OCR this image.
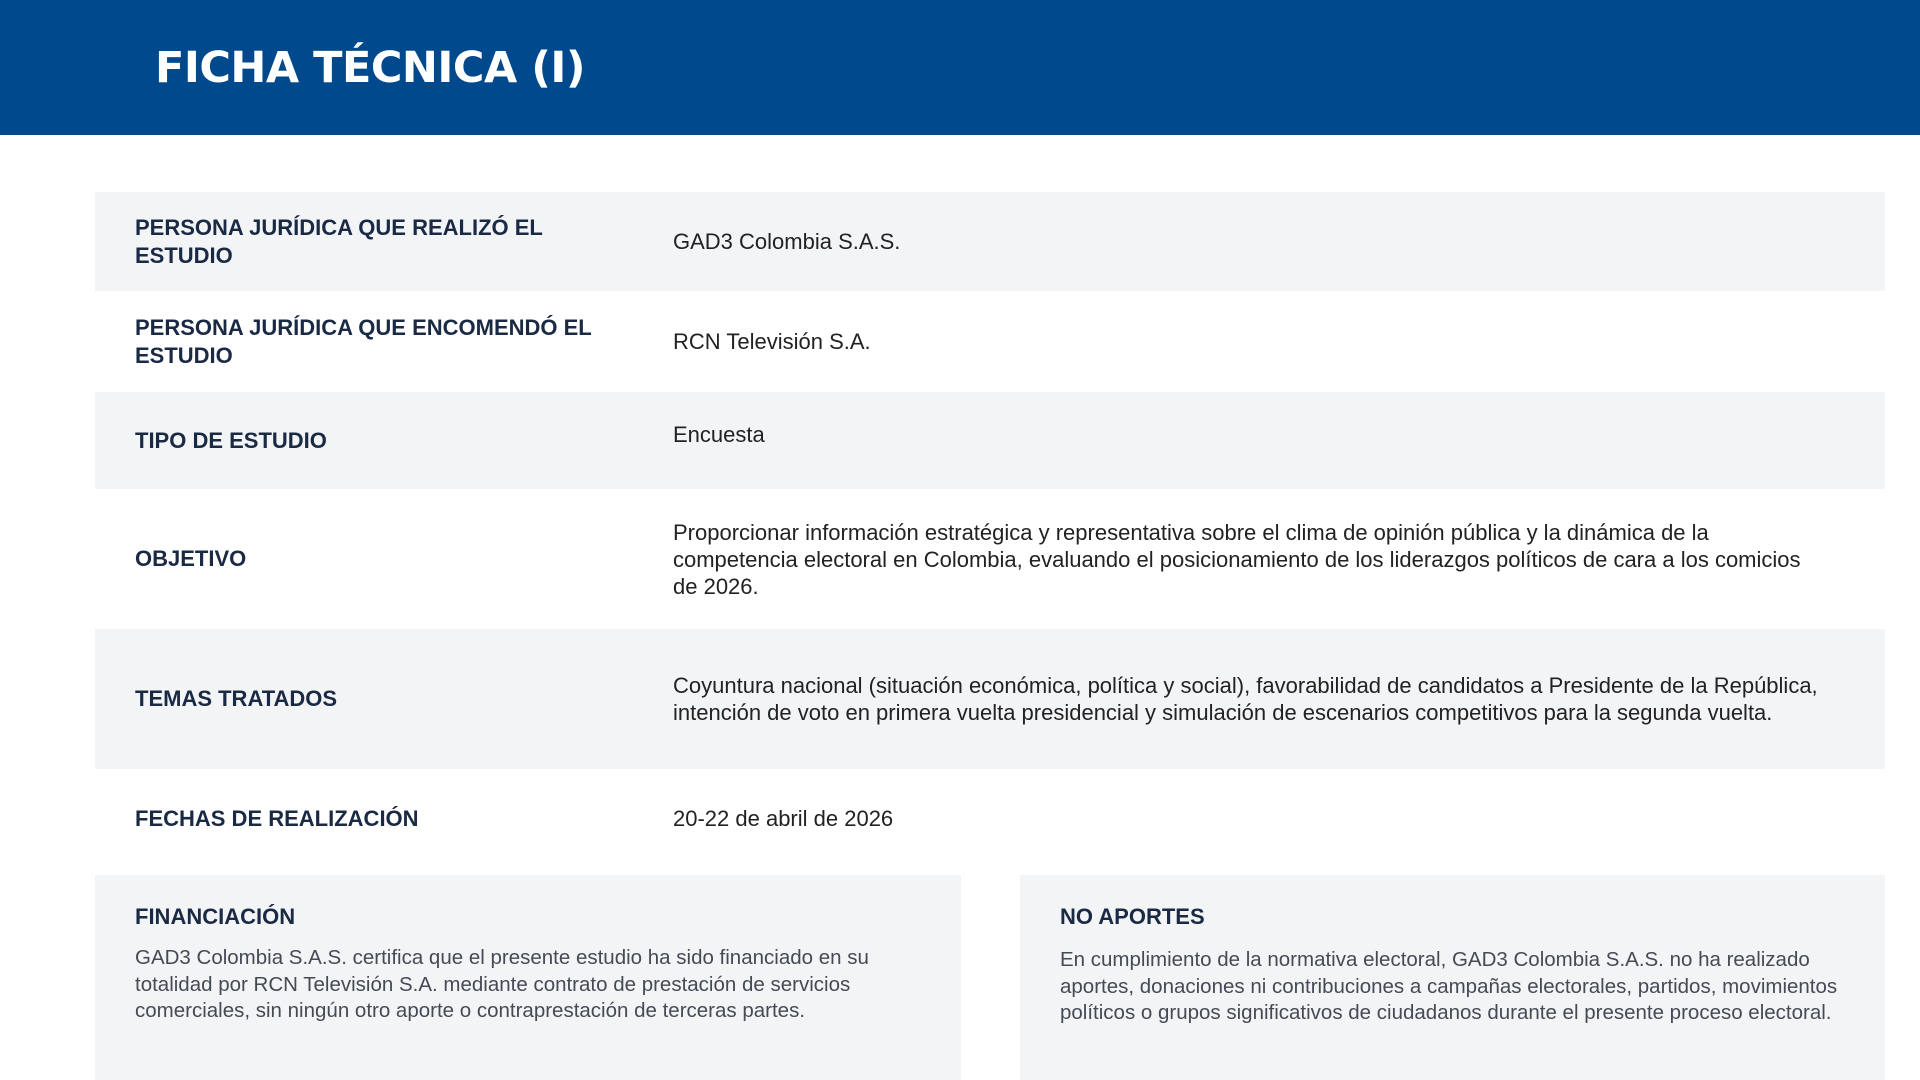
FICHA TÉCNICA (I)
PERSONA JURÍDICA QUE REALIZÓ EL ESTUDIO
GAD3 Colombia S.A.S.
PERSONA JURÍDICA QUE ENCOMENDÓ EL ESTUDIO
RCN Televisión S.A.
TIPO DE ESTUDIO	Encuesta
OBJETIVO
Proporcionar información estratégica y representativa sobre el clima de opinión pública y la dinámica de la competencia electoral en Colombia, evaluando el posicionamiento de los liderazgos políticos de cara a los comicios de 2026.
TEMAS TRATADOS
Coyuntura nacional (situación económica, política y social), favorabilidad de candidatos a Presidente de la República, intención de voto en primera vuelta presidencial y simulación de escenarios competitivos para la segunda vuelta.
FECHAS DE REALIZACIÓN	20-22 de abril de 2026

FINANCIACIÓN

GAD3 Colombia S.A.S. certifica que el presente estudio ha sido financiado en su totalidad por RCN Televisión S.A. mediante contrato de prestación de servicios comerciales, sin ningún otro aporte o contraprestación de terceras partes.

NO APORTES

En cumplimiento de la normativa electoral, GAD3 Colombia S.A.S. no ha realizado aportes, donaciones ni contribuciones a campañas electorales, partidos, movimientos políticos o grupos significativos de ciudadanos durante el presente proceso electoral.
